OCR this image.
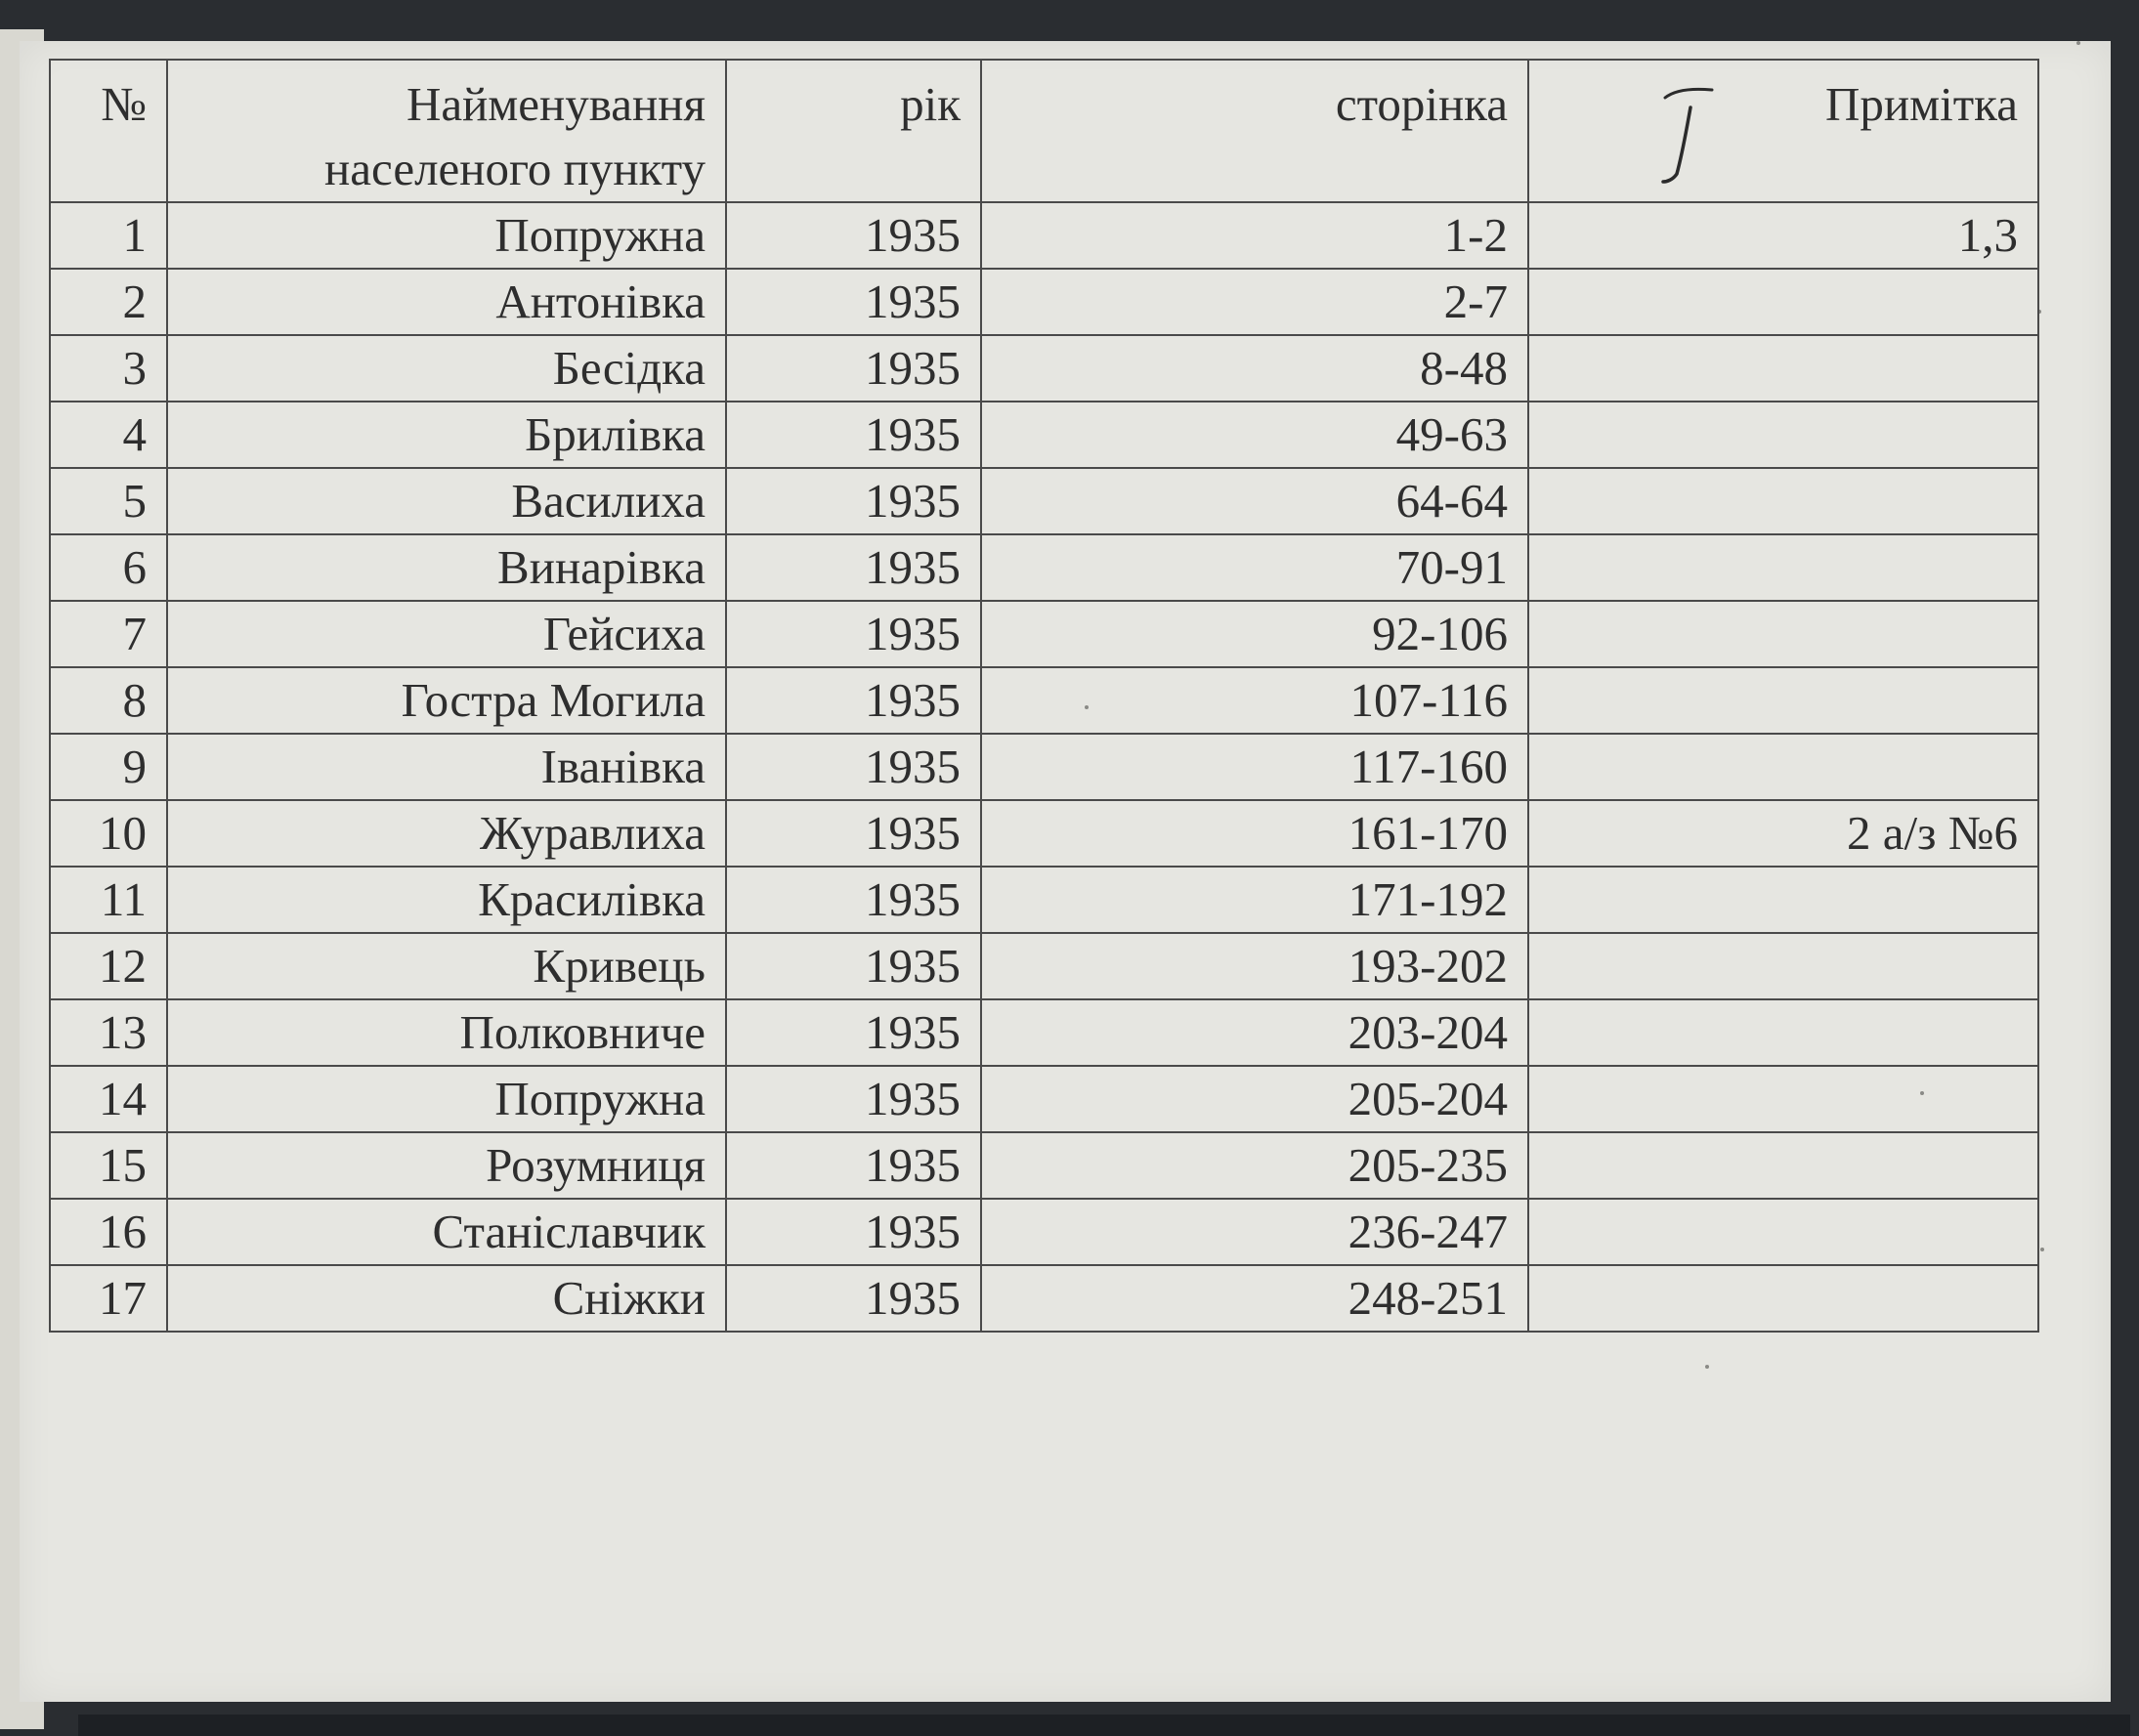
№	Найменування населеного пункту	рік	сторінка	Примітка
1	Попружна	1935	1-2	1,3
2	Антонівка	1935	2-7	
3	Бесідка	1935	8-48	
4	Брилівка	1935	49-63	
5	Василиха	1935	64-64	
6	Винарівка	1935	70-91	
7	Гейсиха	1935	92-106	
8	Гостра Могила	1935	107-116	
9	Іванівка	1935	117-160	
10	Журавлиха	1935	161-170	2 а/з №6
11	Красилівка	1935	171-192	
12	Кривець	1935	193-202	
13	Полковниче	1935	203-204	
14	Попружна	1935	205-204	
15	Розумниця	1935	205-235	
16	Станіславчик	1935	236-247	
17	Сніжки	1935	248-251	
